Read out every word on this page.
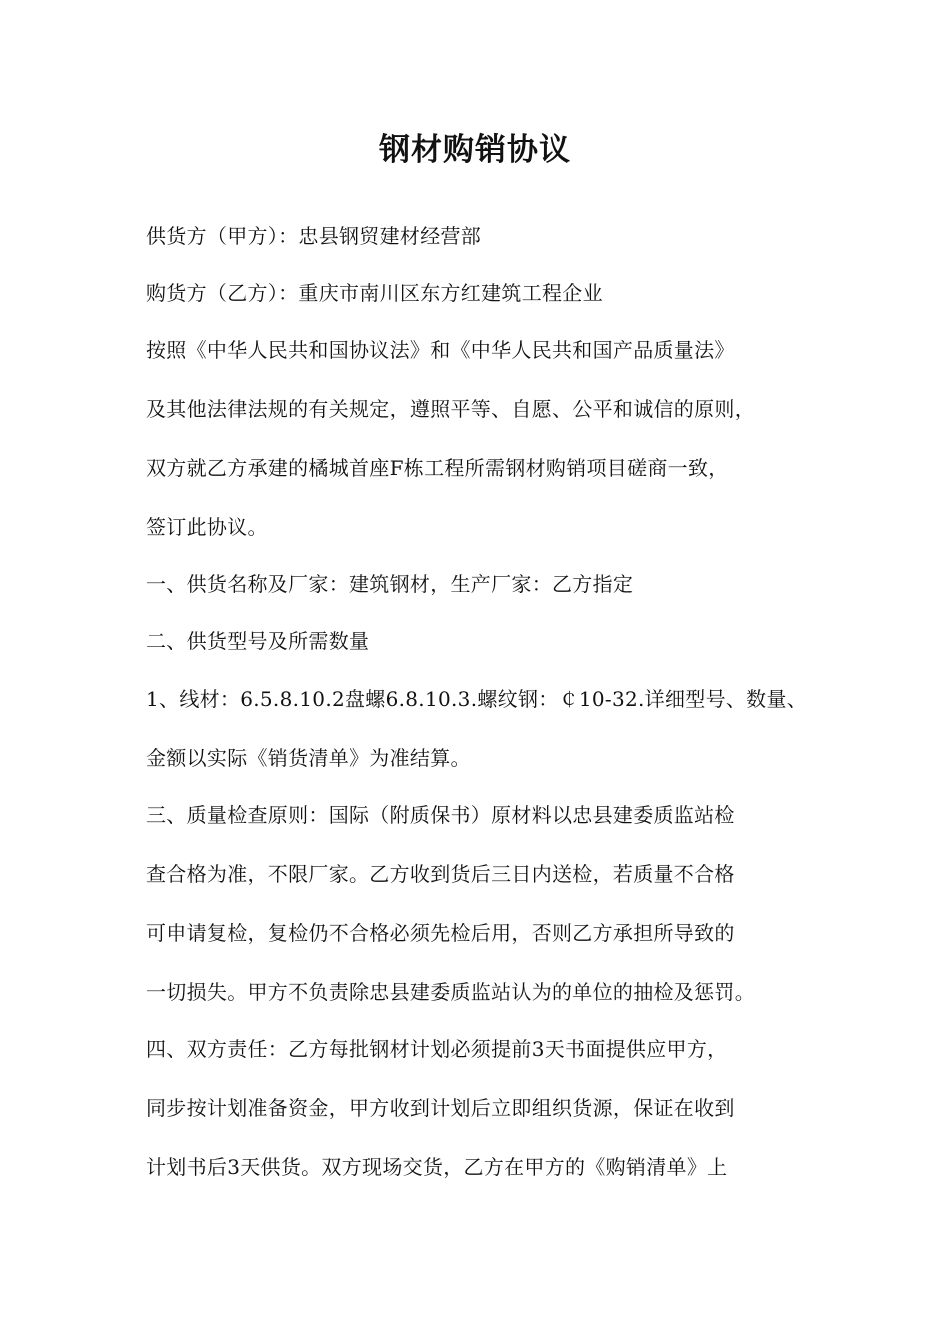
钢材购销协议
供货方（甲方）：忠县钢贸建材经营部
购货方（乙方）：重庆市南川区东方红建筑工程企业
按照《中华人民共和国协议法》和《中华人民共和国产品质量法》
及其他法律法规的有关规定，遵照平等、自愿、公平和诚信的原则，
双方就乙方承建的橘城首座F栋工程所需钢材购销项目磋商一致，
签订此协议。
一、供货名称及厂家：建筑钢材，生产厂家：乙方指定
二、供货型号及所需数量
1、线材：6.5.8.10.2盘螺6.8.10.3.螺纹钢：￠10-32.详细型号、数量、
金额以实际《销货清单》为准结算。
三、质量检查原则：国际（附质保书）原材料以忠县建委质监站检
查合格为准，不限厂家。乙方收到货后三日内送检，若质量不合格
可申请复检，复检仍不合格必须先检后用，否则乙方承担所导致的
一切损失。甲方不负责除忠县建委质监站认为的单位的抽检及惩罚。
四、双方责任：乙方每批钢材计划必须提前3天书面提供应甲方，
同步按计划准备资金，甲方收到计划后立即组织货源，保证在收到
计划书后3天供货。双方现场交货，乙方在甲方的《购销清单》上
